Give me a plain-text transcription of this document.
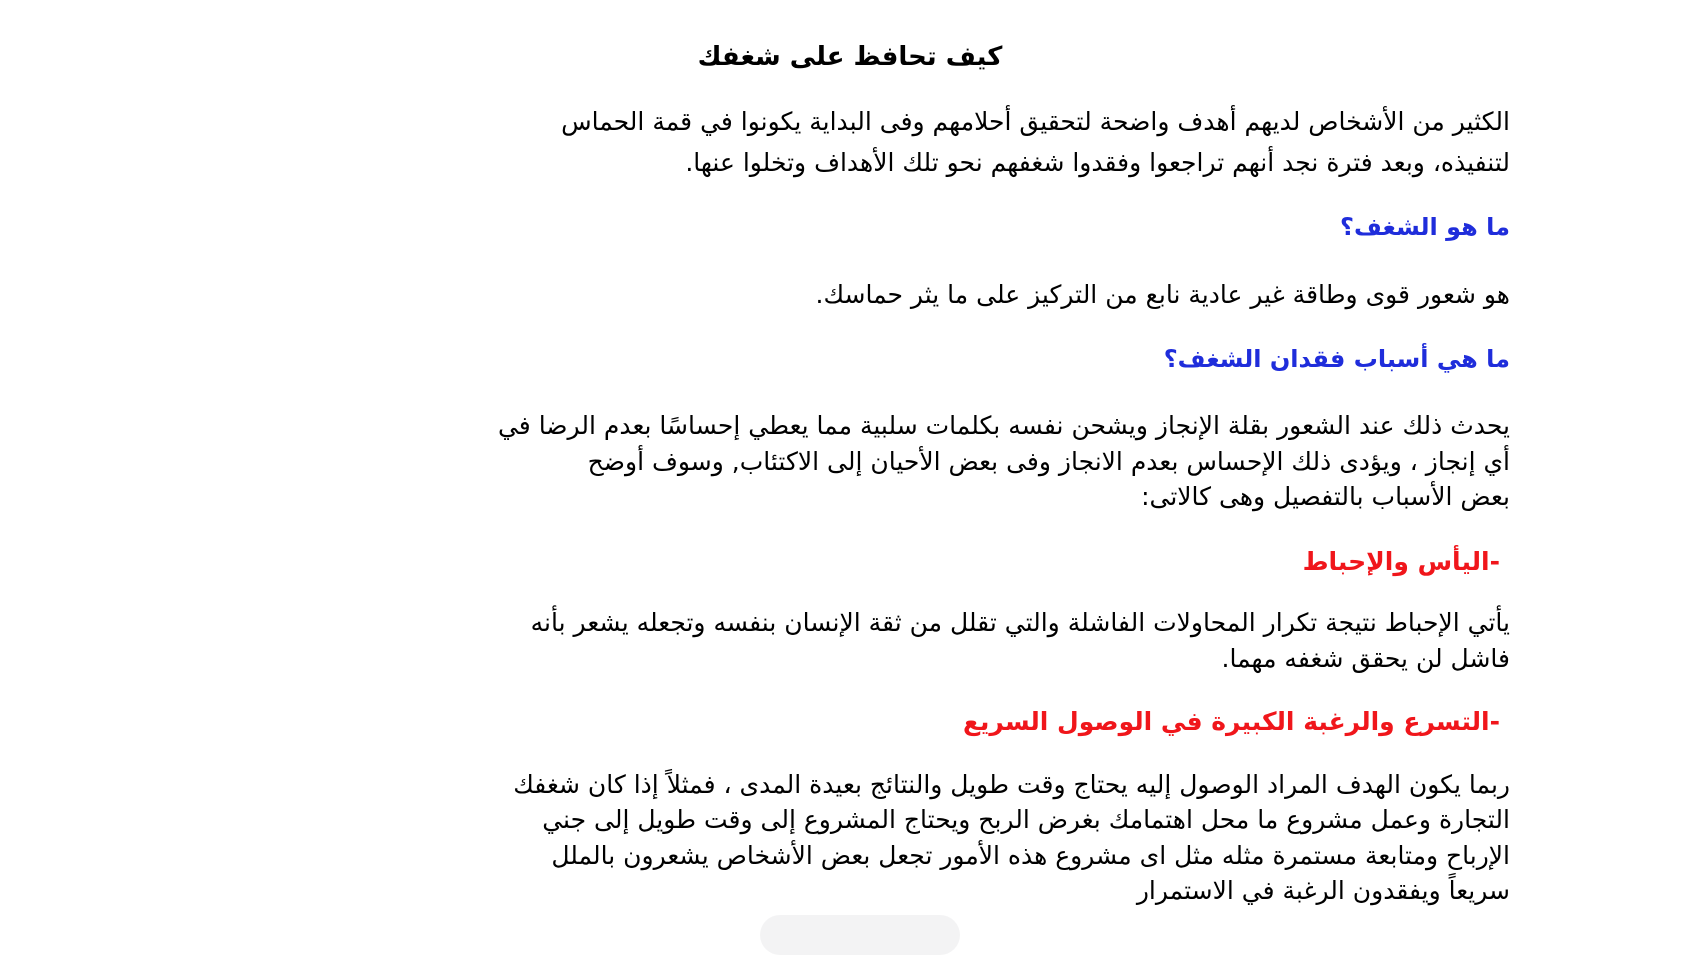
كيف تحافظ على شغفك
الكثير من الأشخاص لديهم أهدف واضحة لتحقيق أحلامهم وفى البداية يكونوا في قمة الحماس
لتنفيذه، وبعد فترة نجد أنهم تراجعوا وفقدوا شغفهم نحو تلك الأهداف وتخلوا عنها.
ما هو الشغف؟
هو شعور قوى وطاقة غير عادية نابع من التركيز على ما يثر حماسك.
ما هي أسباب فقدان الشغف؟
يحدث ذلك عند الشعور بقلة الإنجاز ويشحن نفسه بكلمات سلبية مما يعطي إحساسًا بعدم الرضا في
أي إنجاز ، ويؤدى ذلك الإحساس بعدم الانجاز وفى بعض الأحيان إلى الاكتئاب, وسوف أوضح
بعض الأسباب بالتفصيل وهى كالاتى:
-اليأس والإحباط
يأتي الإحباط نتيجة تكرار المحاولات الفاشلة والتي تقلل من ثقة الإنسان بنفسه وتجعله يشعر بأنه
فاشل لن يحقق شغفه مهما.
-التسرع والرغبة الكبيرة في الوصول السريع
ربما يكون الهدف المراد الوصول إليه يحتاج وقت طويل والنتائج بعيدة المدى ، فمثلاً إذا كان شغفك
التجارة وعمل مشروع ما محل اهتمامك بغرض الربح ويحتاج المشروع إلى وقت طويل إلى جني
الإرباح ومتابعة مستمرة مثله مثل اى مشروع هذه الأمور تجعل بعض الأشخاص يشعرون بالملل
سريعاً ويفقدون الرغبة في الاستمرار
